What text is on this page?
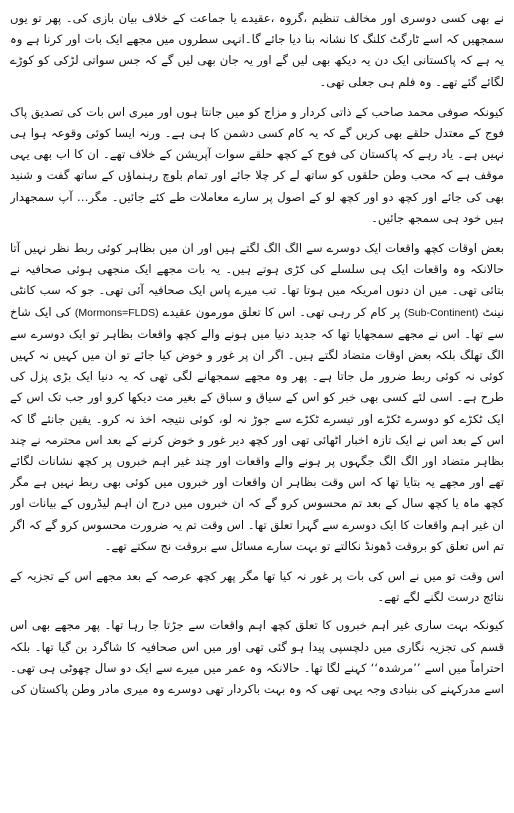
نے بھی کسی دوسری اور مخالف تنظیم ،گروہ ،عقیدے یا جماعت کے خلاف بیان بازی کی۔ پھر تو یوں سمجھیں کہ اسے ٹارگٹ کلنگ کا نشانہ بنا دیا جائے گا۔انہی سطروں میں مجھے ایک بات اور کرنا ہے وہ یہ ہے کہ پاکستانی ایک دن یہ دیکھ بھی لیں گے اور یہ جان بھی لیں گے کہ جس سواتی لڑکی کو کوڑے لگائے گئے تھے۔ وہ فلم ہی جعلی تھی۔

کیونکہ صوفی محمد صاحب کے ذاتی کردار و مزاج کو میں جانتا ہوں اور میری اس بات کی تصدیق پاک فوج کے معتدل حلقے بھی کریں گے کہ یہ کام کسی دشمن کا ہی ہے۔ ورنہ ایسا کوئی وقوعہ ہوا ہی نہیں ہے۔ یاد رہے کہ پاکستان کی فوج کے کچھ حلقے سوات آپریشن کے خلاف تھے۔ ان کا اب بھی یہی موقف ہے کہ محب وطن حلقوں کو ساتھ لے کر چلا جائے اور تمام بلوچ رہنماؤں کے ساتھ گفت و شنید بھی کی جائے اور کچھ دو اور کچھ لو کے اصول پر سارے معاملات طے کئے جائیں۔ مگر… آپ سمجھدار ہیں خود ہی سمجھ جائیں۔

بعض اوقات کچھ واقعات ایک دوسرے سے الگ الگ لگتے ہیں اور ان میں بظاہر کوئی ربط نظر نہیں آتا حالانکہ وہ واقعات ایک ہی سلسلے کی کڑی ہوتے ہیں۔ یہ بات مجھے ایک منجھی ہوئی صحافیہ نے بتائی تھی۔ میں ان دنوں امریکہ میں ہوتا تھا۔ تب میرے پاس ایک صحافیہ آئی تھی۔ جو کہ سب کانٹی نینٹ (Sub-Continent) پر کام کر رہی تھی۔ اس کا تعلق مورمون عقیدے (Mormons=FLDS) کی ایک شاخ سے تھا۔ اس نے مجھے سمجھایا تھا کہ جدید دنیا میں ہونے والے کچھ واقعات بظاہر تو ایک دوسرے سے الگ تھلگ بلکہ بعض اوقات متضاد لگتے ہیں۔ اگر ان پر غور و خوض کیا جائے تو ان میں کہیں نہ کہیں کوئی نہ کوئی ربط ضرور مل جاتا ہے۔ پھر وہ مجھے سمجھانے لگی تھی کہ یہ دنیا ایک بڑی پزل کی طرح ہے۔ اسی لئے کسی بھی خبر کو اس کے سیاق و سباق کے بغیر مت دیکھا کرو اور جب تک اس کے ایک ٹکڑے کو دوسرے ٹکڑے اور تیسرے ٹکڑے سے جوڑ نہ لو، کوئی نتیجہ اخذ نہ کرو۔ یقین جانئے گا کہ اس کے بعد اس نے ایک تازہ اخبار اٹھائی تھی اور کچھ دیر غور و خوض کرنے کے بعد اس محترمہ نے چند بظاہر متضاد اور الگ الگ جگہوں پر ہونے والے واقعات اور چند غیر اہم خبروں پر کچھ نشانات لگائے تھے اور مجھے یہ بتایا تھا کہ اس وقت بظاہر ان واقعات اور خبروں میں کوئی بھی ربط نہیں ہے مگر کچھ ماہ یا کچھ سال کے بعد تم محسوس کرو گے کہ ان خبروں میں درج ان اہم لیڈروں کے بیانات اور ان غیر اہم واقعات کا ایک دوسرے سے گہرا تعلق تھا۔ اس وقت تم یہ ضرورت محسوس کرو گے کہ اگر تم اس تعلق کو بروقت ڈھونڈ نکالتے تو بہت سارے مسائل سے بروقت نج سکتے تھے۔

اس وقت تو میں نے اس کی بات پر غور نہ کیا تھا مگر پھر کچھ عرصہ کے بعد مجھے اس کے تجزیہ کے نتائج درست لگنے لگے تھے۔

کیونکہ بہت ساری غیر اہم خبروں کا تعلق کچھ اہم واقعات سے جڑتا جا رہا تھا۔ پھر مجھے بھی اس قسم کی تجزیہ نگاری میں دلچسپی پیدا ہو گئی تھی اور میں اس صحافیہ کا شاگرد بن گیا تھا۔ بلکہ احتراماً میں اسے ’’مرشدہ‘‘ کہنے لگا تھا۔ حالانکہ وہ عمر میں میرے سے ایک دو سال چھوٹی ہی تھی۔ اسے مدرکہنے کی بنیادی وجہ یہی تھی کہ وہ بہت باکردار تھی دوسرے وہ میری مادر وطن پاکستان کی
